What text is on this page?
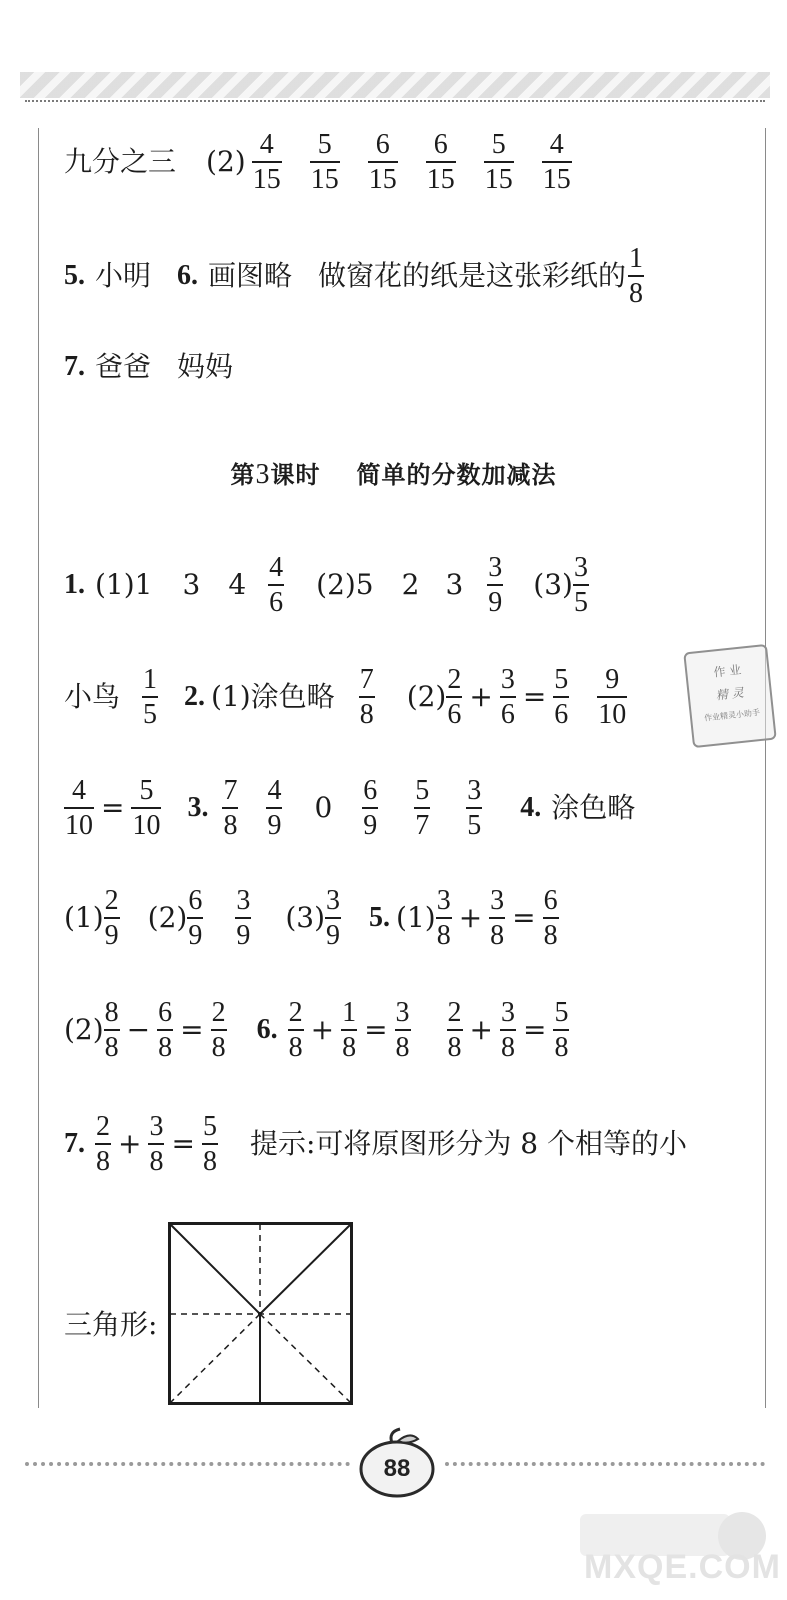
九分之三 $(2) \frac{4}{15} \frac{5}{15} \frac{6}{15} \frac{6}{15} \frac{5}{15} \frac{4}{15}$
5. 小明 6. 画图略 做窗花的纸是这张彩纸的 $\frac{1}{8}$
7. 爸爸 妈妈
第3课时 简单的分数加减法
1. (1)1 3 $4 \frac{4}{6} (2)5$ 2 $3 \frac{3}{9} (3) \frac{3}{5}$
小鸟 $\frac{1}{5} 2$. (1)涂色略 $\frac{7}{8} (2) \frac{2}{6} + \frac{3}{6} = \frac{5}{6} \frac{9}{10}$
$\frac{4}{10} = \frac{5}{10} 3$. $\frac{7}{8} \frac{4}{9} 0 \frac{6}{9} \frac{5}{7} \frac{3}{5} 4$. 涂色略
$(1) \frac{2}{9} (2) \frac{6}{9} \frac{3}{9} (3) \frac{3}{9} 5$. $(1) \frac{3}{8} + \frac{3}{8} = \frac{6}{8}$
$(2) \frac{8}{8} - \frac{6}{8} = \frac{2}{8} 6$. $\frac{2}{8} + \frac{1}{8} = \frac{3}{8} \frac{2}{8} + \frac{3}{8} = \frac{5}{8}$
7. $\frac{2}{8} + \frac{3}{8} = \frac{5}{8}$ 提示:可将原图形分为 8 个相等的小
三角形:
作 业
精 灵
作业精灵小助手
88
MXQE.COM
